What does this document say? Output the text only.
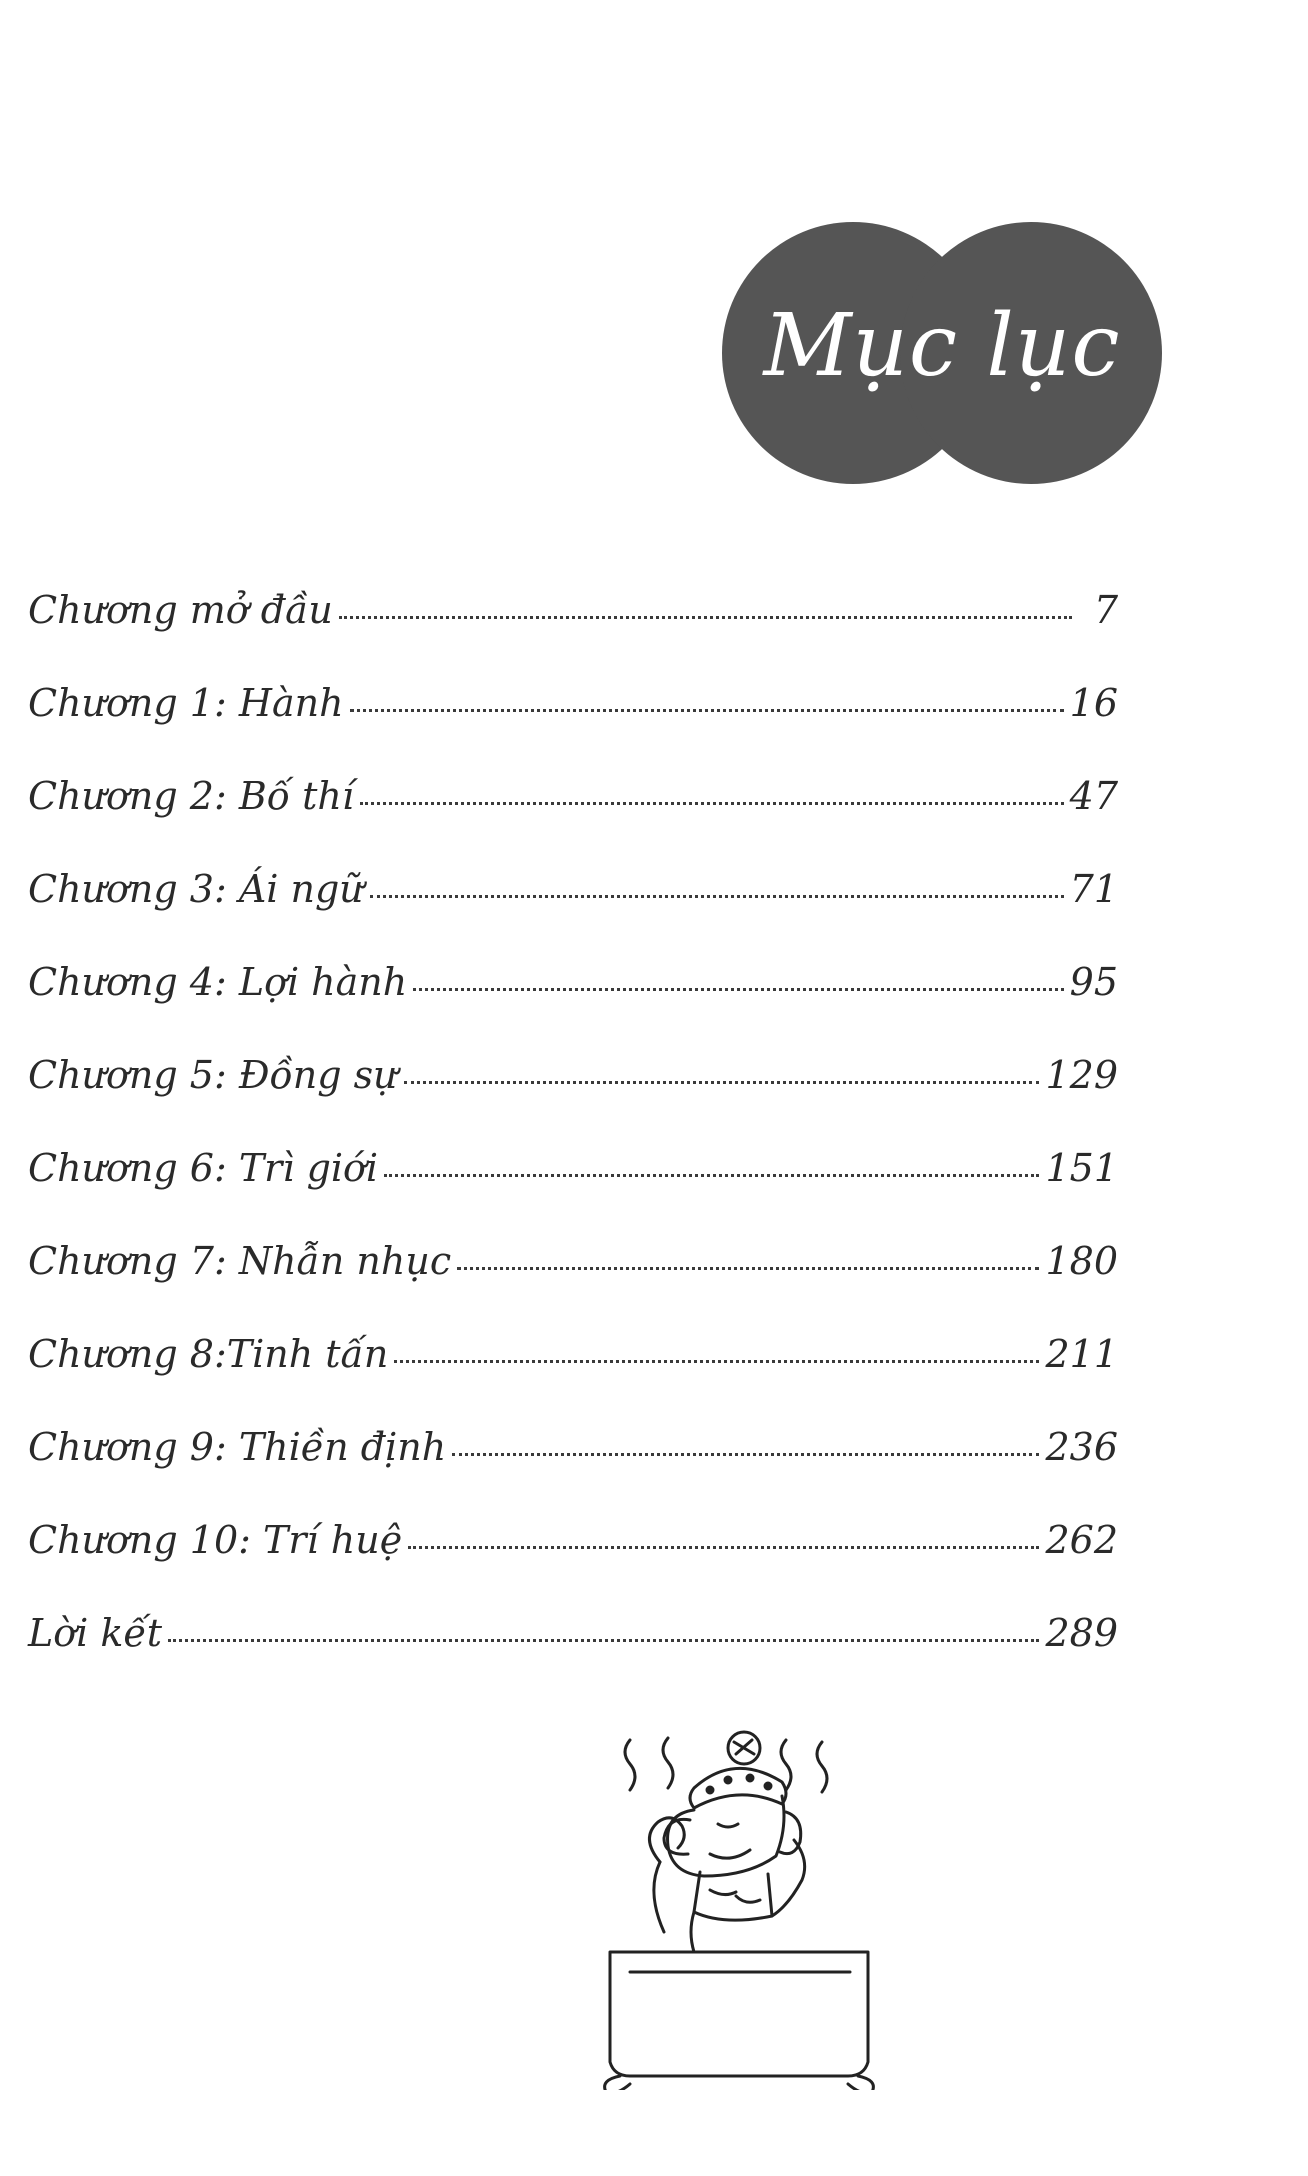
Mục lục
Chương mở đầu	7
Chương 1: Hành	16
Chương 2: Bố thí	47
Chương 3: Ái ngữ	71
Chương 4: Lợi hành	95
Chương 5: Đồng sự	129
Chương 6: Trì giới	151
Chương 7: Nhẫn nhục	180
Chương 8:Tinh tấn	211
Chương 9: Thiền định	236
Chương 10: Trí huệ	262
Lời kết	289
